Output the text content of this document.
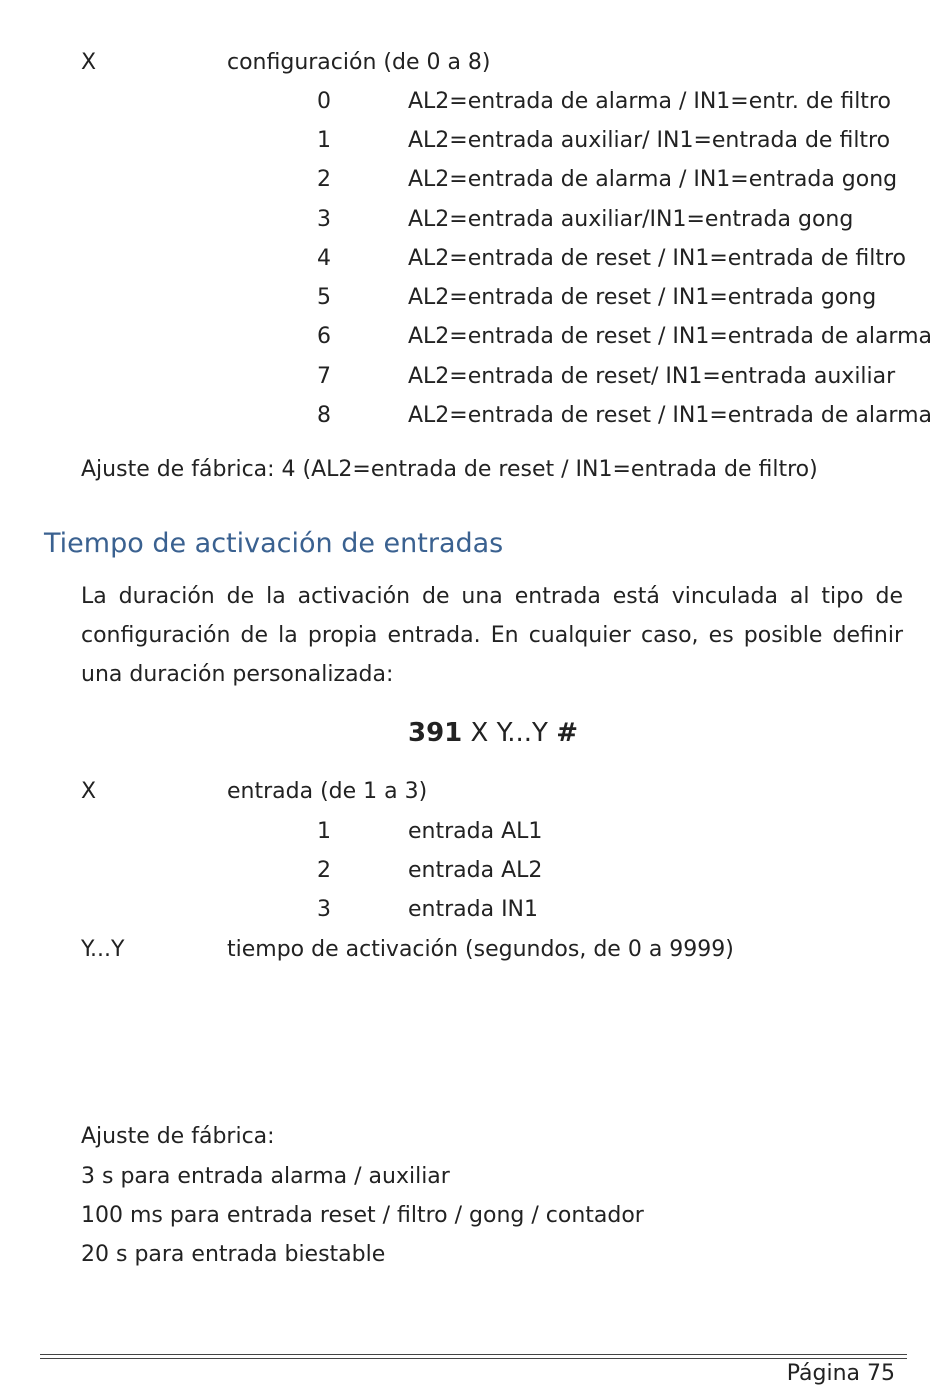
X	configuración (de 0 a 8)
0	AL2=entrada de alarma / IN1=entr. de filtro
1	AL2=entrada auxiliar/ IN1=entrada de filtro
2	AL2=entrada de alarma / IN1=entrada gong
3	AL2=entrada auxiliar/IN1=entrada gong
4	AL2=entrada de reset / IN1=entrada de filtro
5	AL2=entrada de reset / IN1=entrada gong
6	AL2=entrada de reset / IN1=entrada de alarma
7	AL2=entrada de reset/ IN1=entrada auxiliar
8	AL2=entrada de reset / IN1=entrada de alarma
Ajuste de fábrica: 4 (AL2=entrada de reset / IN1=entrada de filtro)
Tiempo de activación de entradas
La duración de la activación de una entrada está vinculada al tipo de configuración de la propia entrada. En cualquier caso, es posible definir una duración personalizada:
391 X Y...Y #
X	entrada (de 1 a 3)
1	entrada AL1
2	entrada AL2
3	entrada IN1
Y...Y	tiempo de activación (segundos, de 0 a 9999)
Ajuste de fábrica:
3 s para entrada alarma / auxiliar
100 ms para entrada reset / filtro / gong / contador
20 s para entrada biestable
Página 75
